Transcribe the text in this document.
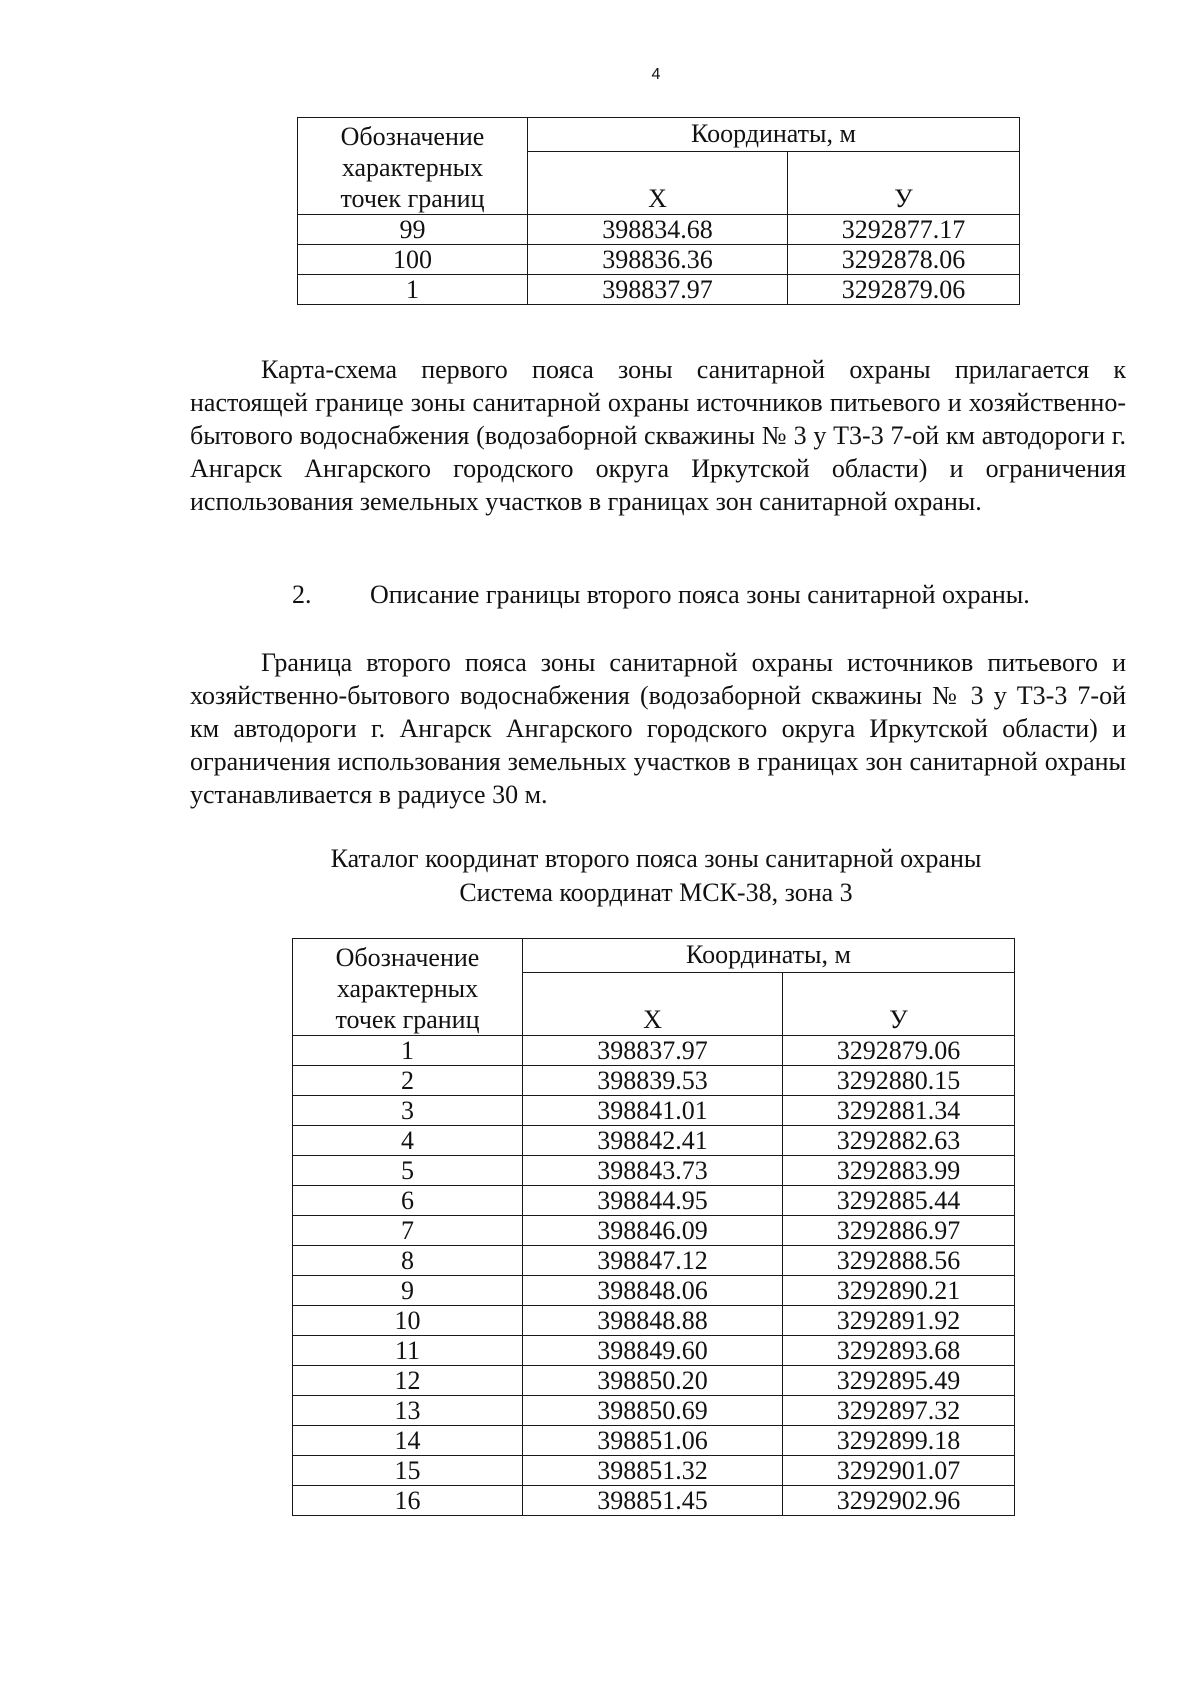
4
Обозначение
характерных
точек границ	Координаты, м	
	Х	У
99	398834.68	3292877.17
100	398836.36	3292878.06
1	398837.97	3292879.06

Карта-схема первого пояса зоны санитарной охраны прилагается к настоящей границе зоны санитарной охраны источников питьевого и хозяйственно-бытового водоснабжения (водозаборной скважины № 3 у Т3-3 7-ой км автодороги г. Ангарск Ангарского городского округа Иркутской области) и ограничения использования земельных участков в границах зон санитарной охраны.

2. Описание границы второго пояса зоны санитарной охраны.

Граница второго пояса зоны санитарной охраны источников питьевого и хозяйственно-бытового водоснабжения (водозаборной скважины № 3 у Т3-3 7-ой км автодороги г. Ангарск Ангарского городского округа Иркутской области) и ограничения использования земельных участков в границах зон санитарной охраны устанавливается в радиусе 30 м.

Каталог координат второго пояса зоны санитарной охраны
Система координат МСК-38, зона 3
Обозначение
характерных
точек границ	Координаты, м	
	Х	У
1	398837.97	3292879.06
2	398839.53	3292880.15
3	398841.01	3292881.34
4	398842.41	3292882.63
5	398843.73	3292883.99
6	398844.95	3292885.44
7	398846.09	3292886.97
8	398847.12	3292888.56
9	398848.06	3292890.21
10	398848.88	3292891.92
11	398849.60	3292893.68
12	398850.20	3292895.49
13	398850.69	3292897.32
14	398851.06	3292899.18
15	398851.32	3292901.07
16	398851.45	3292902.96
